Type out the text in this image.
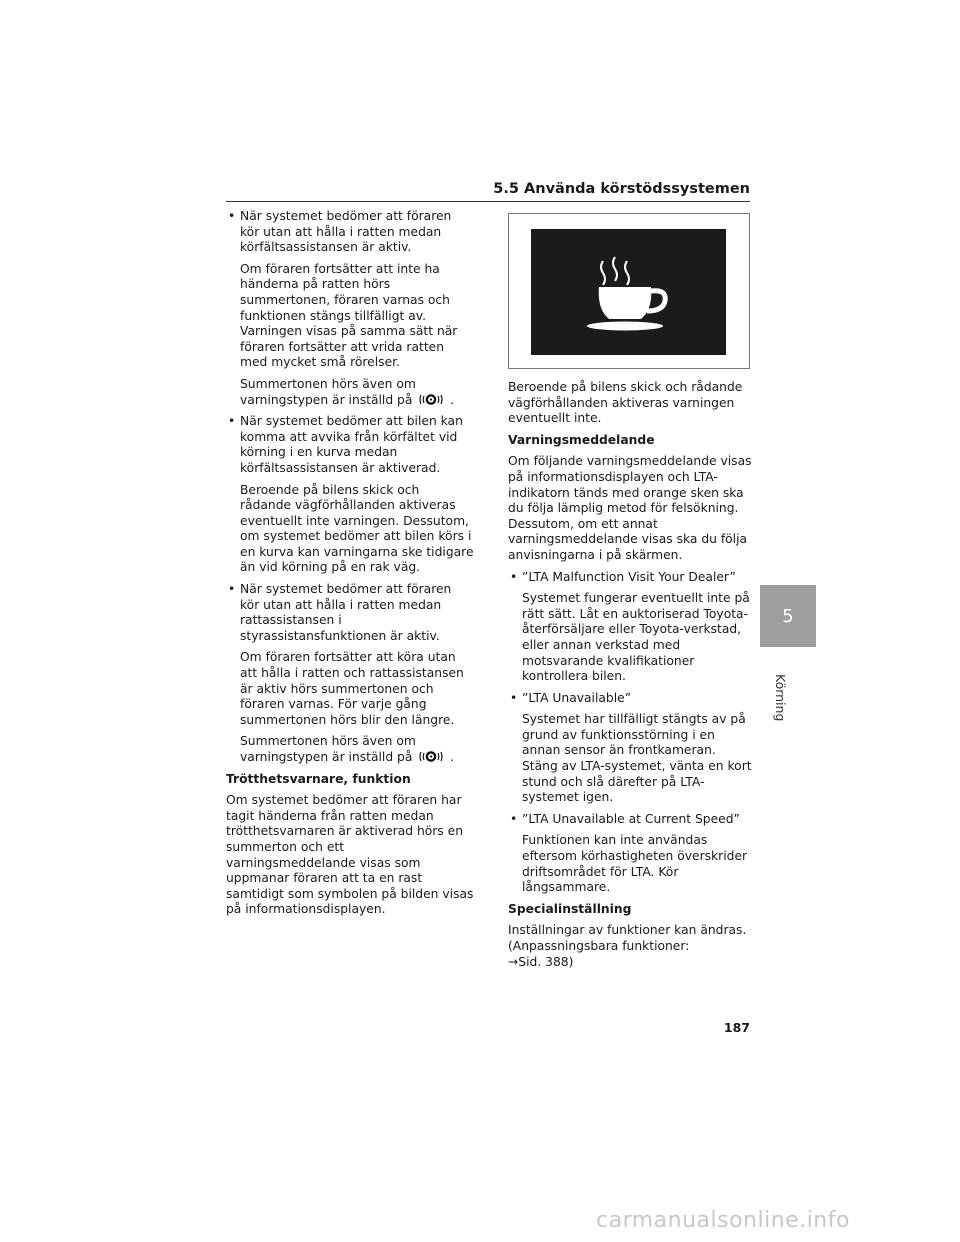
5.5 Använda körstödssystemen
• När systemet bedömer att föraren kör utan att hålla i ratten medan körfältsassistansen är aktiv.
Om föraren fortsätter att inte ha händerna på ratten hörs summertonen, föraren varnas och funktionen stängs tillfälligt av. Varningen visas på samma sätt när föraren fortsätter att vrida ratten med mycket små rörelser.
Summertonen hörs även om varningstypen är inställd på	.
• När systemet bedömer att bilen kan komma att avvika från körfältet vid körning i en kurva medan körfältsassistansen är aktiverad.
Beroende på bilens skick och rådande vägförhållanden aktiveras eventuellt inte varningen. Dessutom, om systemet bedömer att bilen körs i en kurva kan varningarna ske tidigare än vid körning på en rak väg.
• När systemet bedömer att föraren kör utan att hålla i ratten medan rattassistansen i styrassistansfunktionen är aktiv.
Om föraren fortsätter att köra utan att hålla i ratten och rattassistansen är aktiv hörs summertonen och föraren varnas. För varje gång summertonen hörs blir den längre.
Summertonen hörs även om varningstypen är inställd på	.
Trötthetsvarnare, funktion
Om systemet bedömer att föraren har tagit händerna från ratten medan trötthetsvarnaren är aktiverad hörs en summerton och ett varningsmeddelande visas som uppmanar föraren att ta en rast samtidigt som symbolen på bilden visas på informationsdisplayen.
Beroende på bilens skick och rådande vägförhållanden aktiveras varningen eventuellt inte.
Varningsmeddelande
Om följande varningsmeddelande visas på informationsdisplayen och LTA-indikatorn tänds med orange sken ska du följa lämplig metod för felsökning. Dessutom, om ett annat varningsmeddelande visas ska du följa anvisningarna i på skärmen.
• ”LTA Malfunction Visit Your Dealer”
Systemet fungerar eventuellt inte på rätt sätt. Låt en auktoriserad Toyota-återförsäljare eller Toyota-verkstad, eller annan verkstad med motsvarande kvalifikationer kontrollera bilen.
• ”LTA Unavailable”
Systemet har tillfälligt stängts av på grund av funktionsstörning i en annan sensor än frontkameran. Stäng av LTA-systemet, vänta en kort stund och slå därefter på LTA-systemet igen.
• ”LTA Unavailable at Current Speed”
Funktionen kan inte användas eftersom körhastigheten överskrider driftsområdet för LTA. Kör långsammare.
Specialinställning
Inställningar av funktioner kan ändras. (Anpassningsbara funktioner:
→Sid. 388)
5
Körning
187
carmanualsonline.info
